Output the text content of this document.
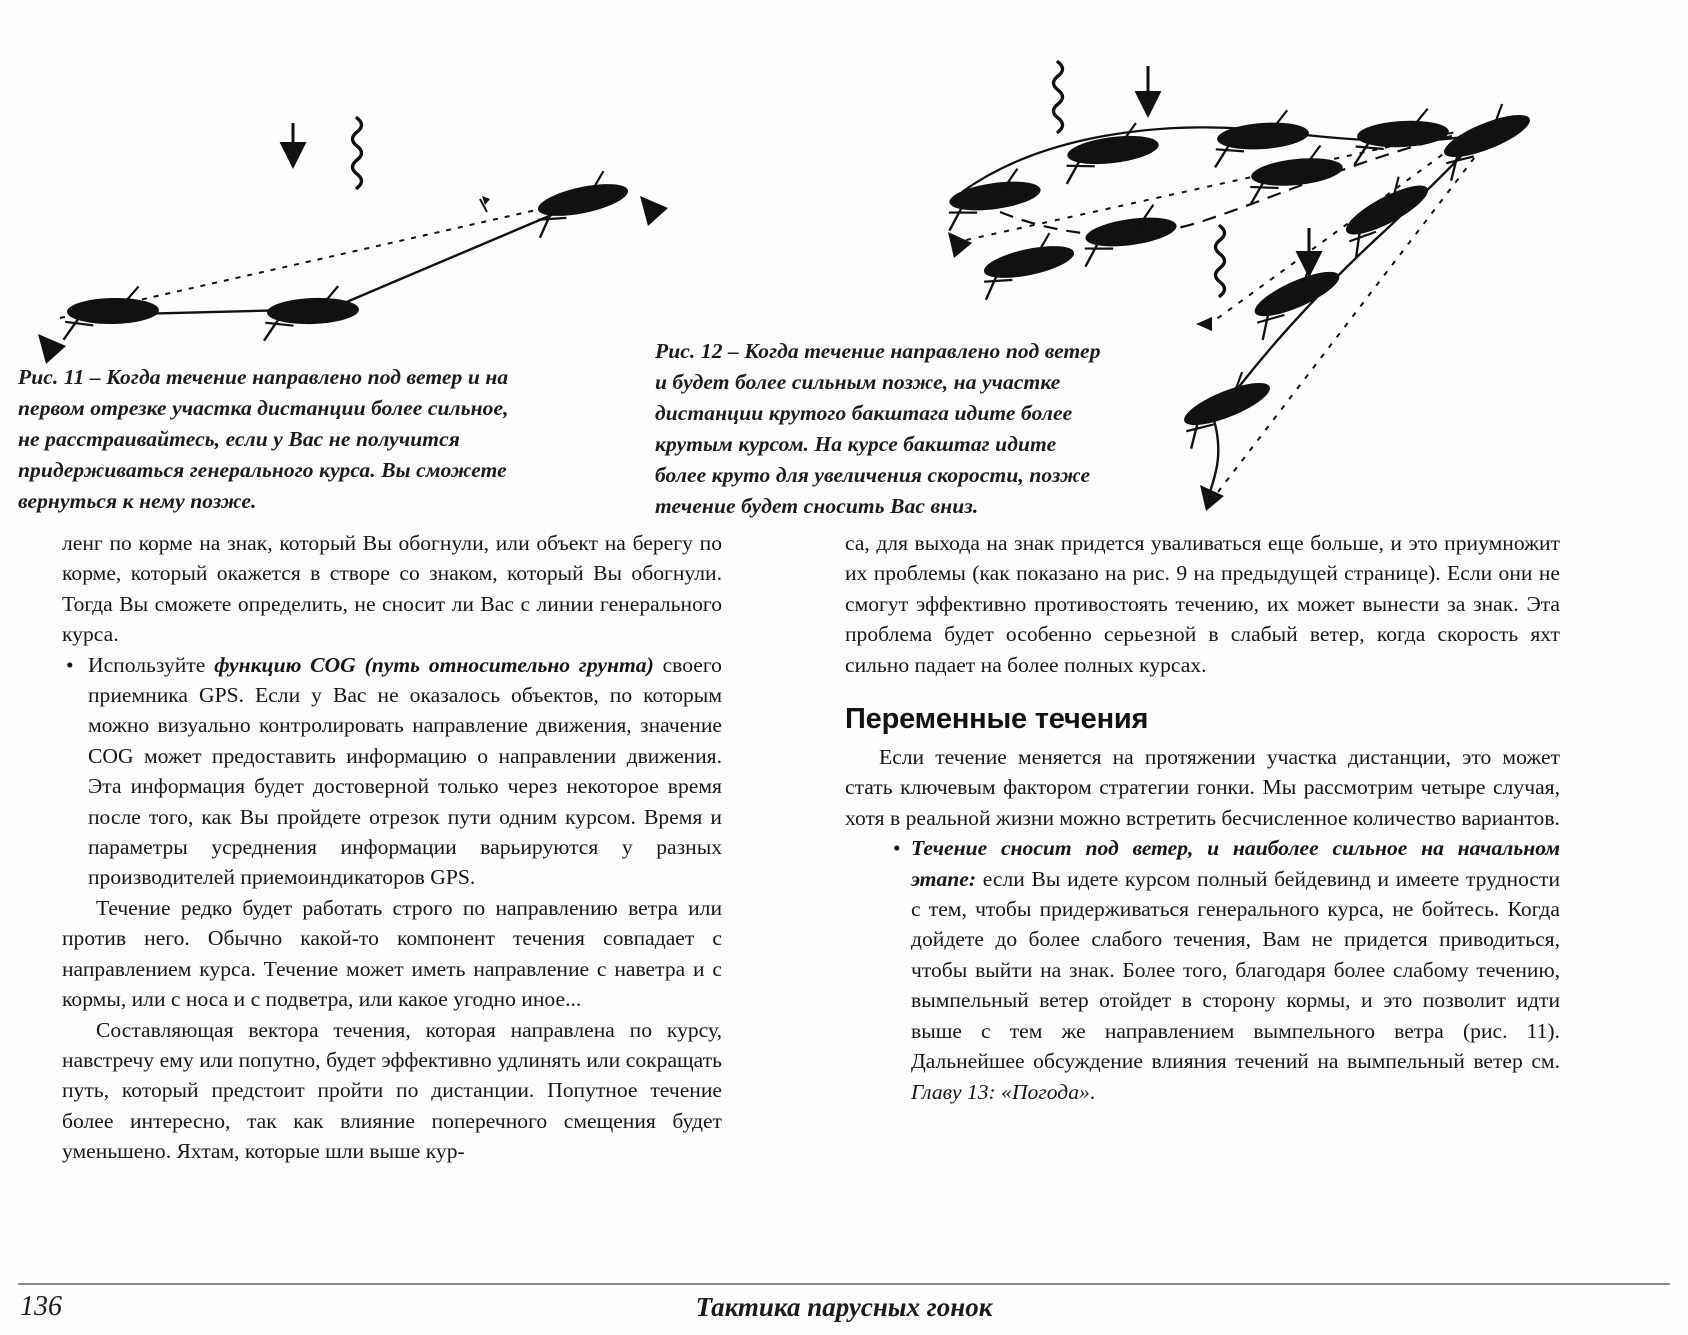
Рис. 11 – Когда течение направлено под ветер и на
первом отрезке участка дистанции более сильное,
не расстраивайтесь, если у Вас не получится
придерживаться генерального курса. Вы сможете
вернуться к нему позже.
Рис. 12 – Когда течение направлено под ветер
и будет более сильным позже, на участке
дистанции крутого бакштага идите более
крутым курсом. На курсе бакштаг идите
более круто для увеличения скорости, позже
течение будет сносить Вас вниз.

ленг по корме на знак, который Вы обогнули, или объект на берегу по корме, который окажется в створе со знаком, который Вы обогнули. Тогда Вы сможете определить, не сносит ли Вас с линии генерального курса.

• Используйте функцию COG (путь относительно грунта) своего приемника GPS. Если у Вас не оказалось объектов, по которым можно визуально контролировать направление движения, значение COG может предоставить информацию о направлении движения. Эта информация будет достоверной только через некоторое время после того, как Вы пройдете отрезок пути одним курсом. Время и параметры усреднения информации варьируются у разных производителей приемоиндикаторов GPS.

Течение редко будет работать строго по направлению ветра или против него. Обычно какой-то компонент течения совпадает с направлением курса. Течение может иметь направление с наветра и с кормы, или с носа и с подветра, или какое угодно иное...

Составляющая вектора течения, которая направлена по курсу, навстречу ему или попутно, будет эффективно удлинять или сокращать путь, который предстоит пройти по дистанции. Попутное течение более интересно, так как влияние поперечного смещения будет уменьшено. Яхтам, которые шли выше кур-

са, для выхода на знак придется уваливаться еще больше, и это приумножит их проблемы (как показано на рис. 9 на предыдущей странице). Если они не смогут эффективно противостоять течению, их может вынести за знак. Эта проблема будет особенно серьезной в слабый ветер, когда скорость яхт сильно падает на более полных курсах.

Переменные течения

Если течение меняется на протяжении участка дистанции, это может стать ключевым фактором стратегии гонки. Мы рассмотрим четыре случая, хотя в реальной жизни можно встретить бесчисленное количество вариантов.

• Течение сносит под ветер, и наиболее сильное на начальном этапе: если Вы идете курсом полный бейдевинд и имеете трудности с тем, чтобы придерживаться генерального курса, не бойтесь. Когда дойдете до более слабого течения, Вам не придется приводиться, чтобы выйти на знак. Более того, благодаря более слабому течению, вымпельный ветер отойдет в сторону кормы, и это позволит идти выше с тем же направлением вымпельного ветра (рис. 11). Дальнейшее обсуждение влияния течений на вымпельный ветер см. Главу 13: «Погода».
136	Тактика парусных гонок
